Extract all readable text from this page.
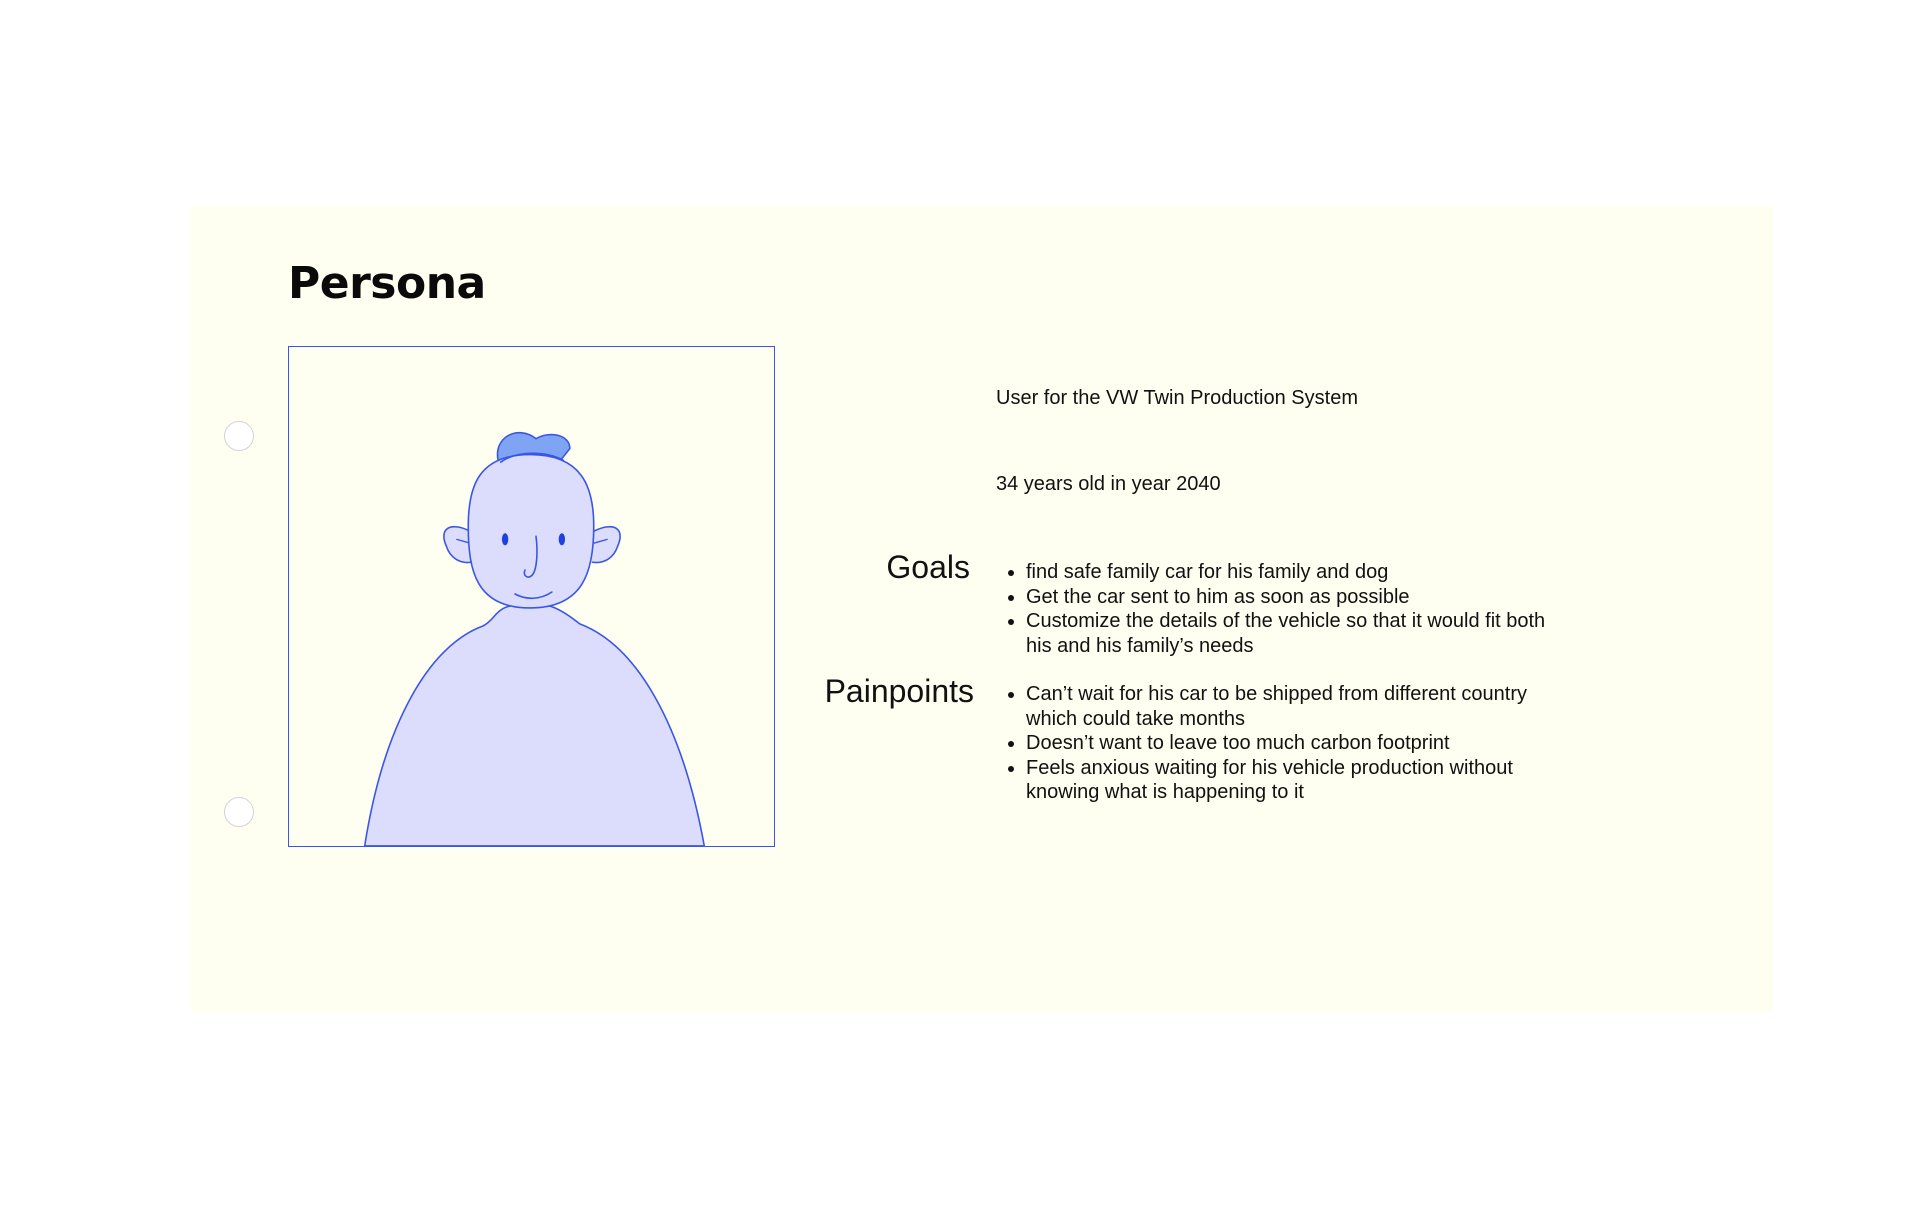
Persona

User for the VW Twin Production System

34 years old in year 2040

Goals	• find safe family car for his family and dog
• Get the car sent to him as soon as possible
• Customize the details of the vehicle so that it would fit both his and his family’s needs
Painpoints	• Can’t wait for his car to be shipped from different country which could take months
• Doesn’t want to leave too much carbon footprint
• Feels anxious waiting for his vehicle production without knowing what is happening to it
